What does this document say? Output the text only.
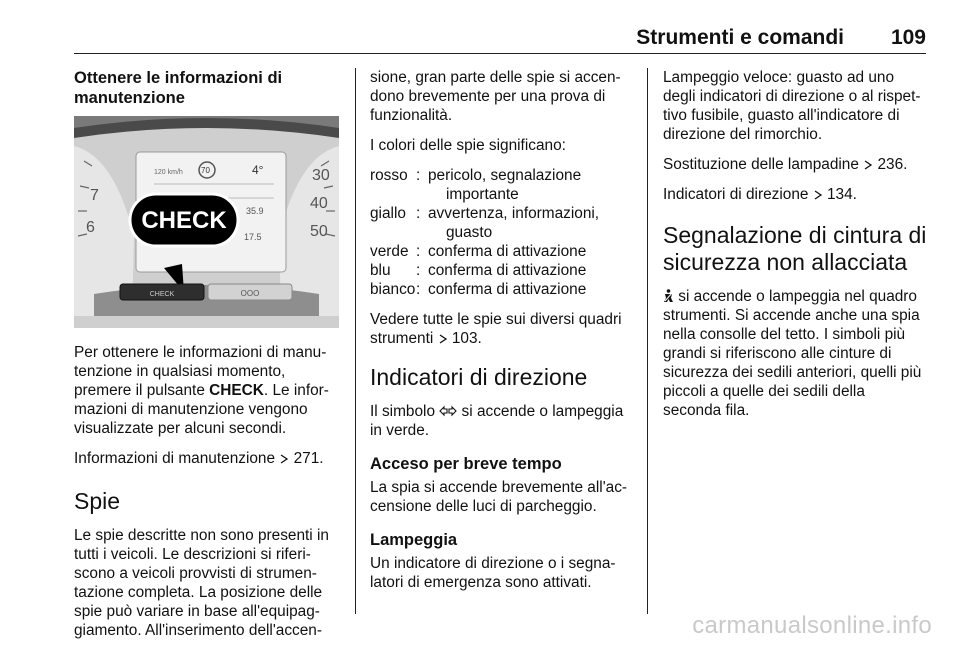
Strumenti e comandi 109

Ottenere le informazioni di
manutenzione

7
6
30
40
50
120 km/h 70	4°
35.9
17.5
CHECK
CHECK	OOO

Per ottenere le informazioni di manu-
tenzione in qualsiasi momento,
premere il pulsante CHECK. Le infor-
mazioni di manutenzione vengono
visualizzate per alcuni secondi.

Informazioni di manutenzione 271.

Spie

Le spie descritte non sono presenti in
tutti i veicoli. Le descrizioni si riferi-
scono a veicoli provvisti di strumen-
tazione completa. La posizione delle
spie può variare in base all'equipag-
giamento. All'inserimento dell'accen-

sione, gran parte delle spie si accen-
dono brevemente per una prova di
funzionalità.

I colori delle spie significano:

rosso	:	pericolo, segnalazione
importante

giallo	:	avvertenza, informazioni,
guasto

verde	:	conferma di attivazione
blu	:	conferma di attivazione
bianco	:	conferma di attivazione

Vedere tutte le spie sui diversi quadri
strumenti  103.

Indicatori di direzione

Il simbolo  si accende o lampeggia
in verde.

Acceso per breve tempo

La spia si accende brevemente all'ac-
censione delle luci di parcheggio.

Lampeggia

Un indicatore di direzione o i segna-
latori di emergenza sono attivati.

Lampeggio veloce: guasto ad uno
degli indicatori di direzione o al rispet-
tivo fusibile, guasto all'indicatore di
direzione del rimorchio.

Sostituzione delle lampadine 236.

Indicatori di direzione 134.

Segnalazione di cintura di
sicurezza non allacciata

si accende o lampeggia nel quadro
strumenti. Si accende anche una spia
nella consolle del tetto. I simboli più
grandi si riferiscono alle cinture di
sicurezza dei sedili anteriori, quelli più
piccoli a quelle dei sedili della
seconda fila.

carmanualsonline.info
